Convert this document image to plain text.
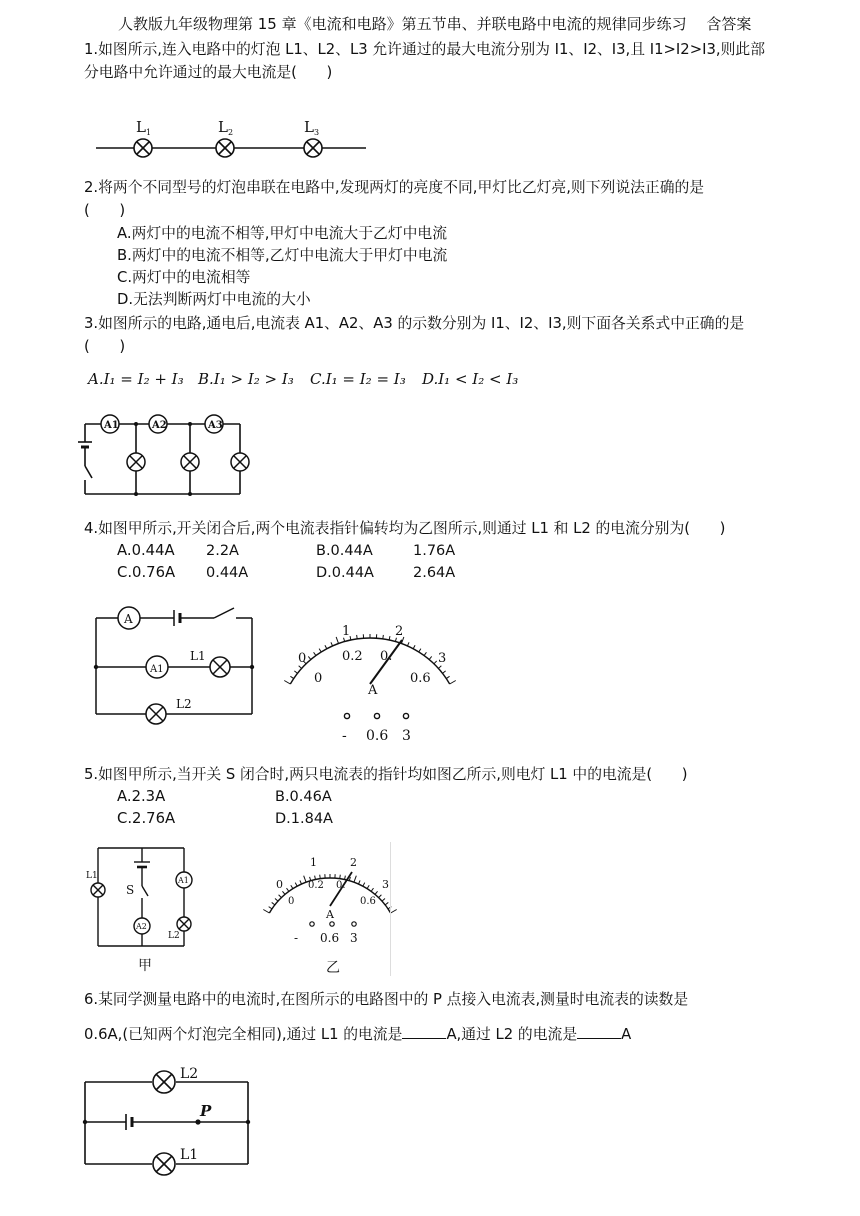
人教版九年级物理第 15 章《电流和电路》第五节串、并联电路中电流的规律同步练习　 含答案
1.如图所示,连入电路中的灯泡 L1、L2、L3 允许通过的最大电流分别为 I1、I2、I3,且 I1>I2>I3,则此部
分电路中允许通过的最大电流是(　　)
L 1	L 2	L 3
2.将两个不同型号的灯泡串联在电路中,发现两灯的亮度不同,甲灯比乙灯亮,则下列说法正确的是
(　　)
A.两灯中的电流不相等,甲灯中电流大于乙灯中电流
B.两灯中的电流不相等,乙灯中电流大于甲灯中电流
C.两灯中的电流相等
D.无法判断两灯中电流的大小
3.如图所示的电路,通电后,电流表 A1、A2、A3 的示数分别为 I1、I2、I3,则下面各关系式中正确的是
(　　)
A.I₁ = I₂ + I₃ B.I₁ > I₂ > I₃ C.I₁ = I₂ = I₃ D.I₁ < I₂ < I₃
A1	A2	A3
4.如图甲所示,开关闭合后,两个电流表指针偏转均为乙图所示,则通过 L1 和 L2 的电流分别为(　　)
A.0.44A 2.2A	B.0.44A	1.76A
C.0.76A 0.44A	D.0.44A	2.64A
A
A1
L1
L2
0
1	2
3
0
0.2 0.
0.6
A
- 0.6 3
5.如图甲所示,当开关 S 闭合时,两只电流表的指针均如图乙所示,则电灯 L1 中的电流是(　　)
A.2.3A	B.0.46A
C.2.76A	D.1.84A
L1
S
A2
A1
L2
甲
0
1	2
3
0
0.2 0.
0.6
A
- 0.6 3
乙
6.某同学测量电路中的电流时,在图所示的电路图中的 P 点接入电流表,测量时电流表的读数是
0.6A,(已知两个灯泡完全相同),通过 L1 的电流是	A,通过 L2 的电流是	A
L2
L1
P
